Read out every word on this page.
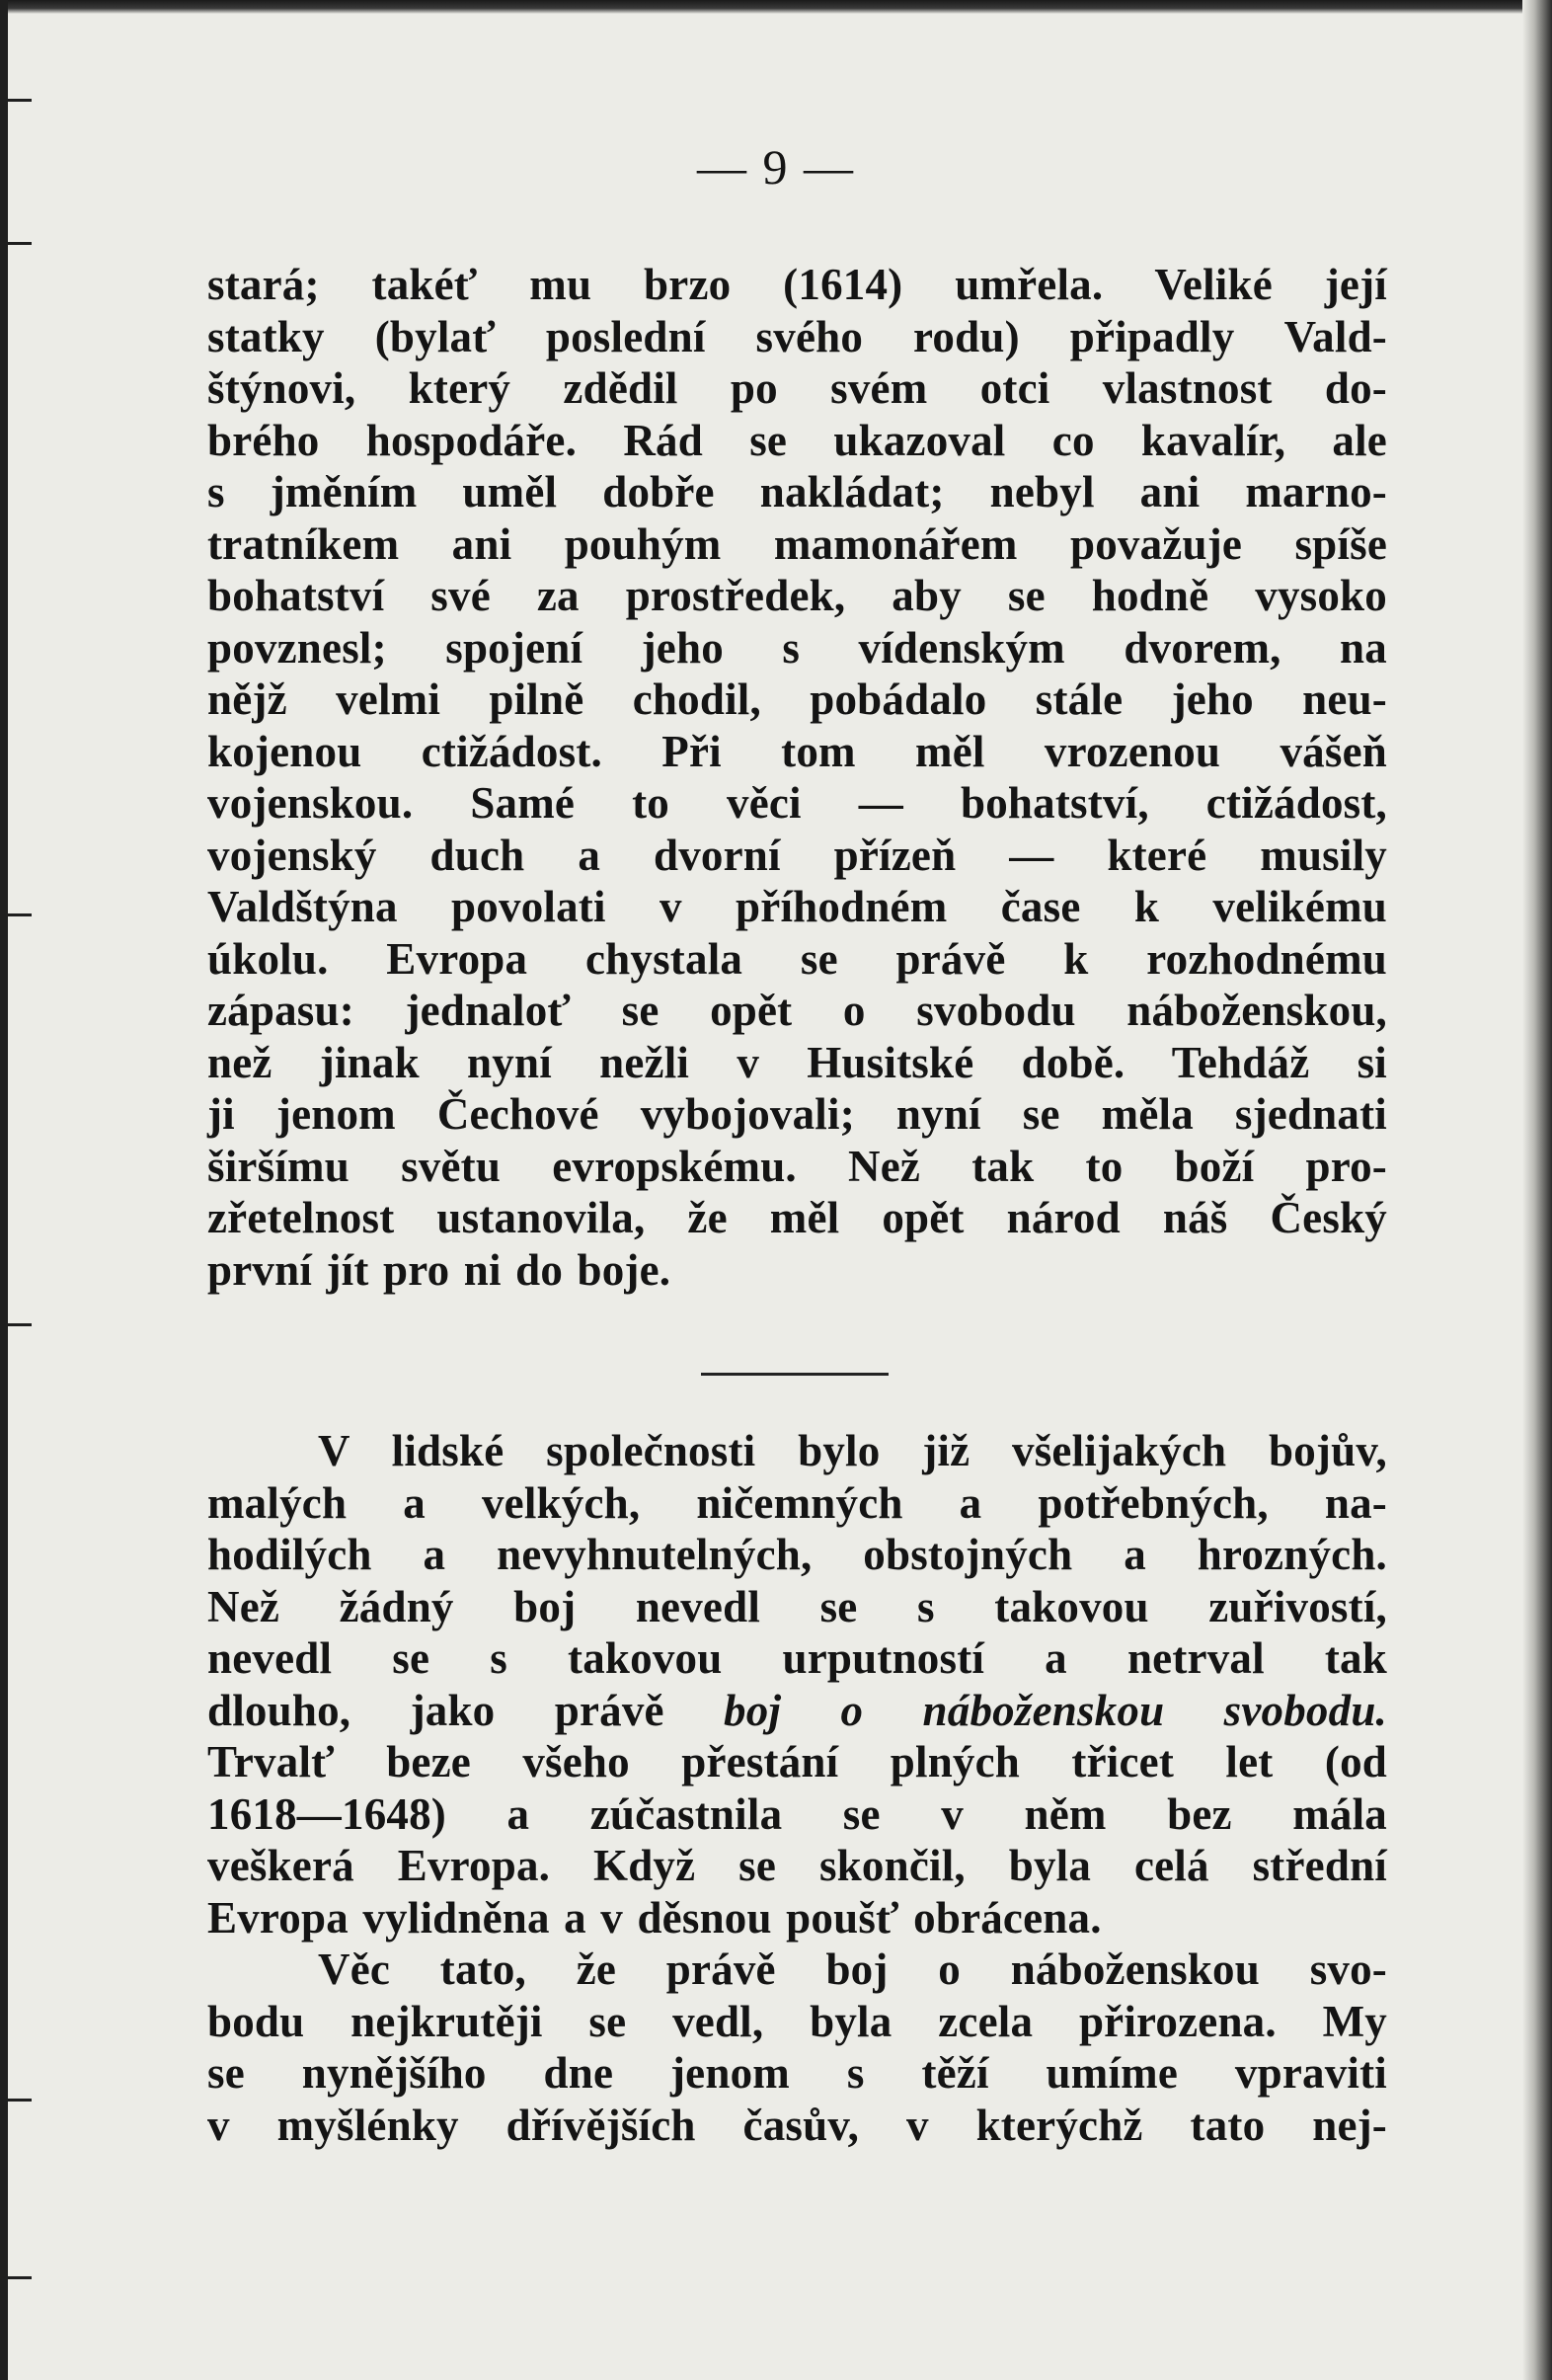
— 9 —
stará; takéť mu brzo (1614) umřela. Veliké její
statky (bylať poslední svého rodu) připadly Vald-
štýnovi, který zdědil po svém otci vlastnost do-
brého hospodáře. Rád se ukazoval co kavalír, ale
s jměním uměl dobře nakládat; nebyl ani marno-
tratníkem ani pouhým mamonářem považuje spíše
bohatství své za prostředek, aby se hodně vysoko
povznesl; spojení jeho s vídenským dvorem, na
nějž velmi pilně chodil, pobádalo stále jeho neu-
kojenou ctižádost. Při tom měl vrozenou vášeň
vojenskou. Samé to věci — bohatství, ctižádost,
vojenský duch a dvorní přízeň — které musily
Valdštýna povolati v příhodném čase k velikému
úkolu. Evropa chystala se právě k rozhodnému
zápasu: jednaloť se opět o svobodu náboženskou,
než jinak nyní nežli v Husitské době. Tehdáž si
ji jenom Čechové vybojovali; nyní se měla sjednati
širšímu světu evropskému. Než tak to boží pro-
zřetelnost ustanovila, že měl opět národ náš Český
první jít pro ni do boje.
V lidské společnosti bylo již všelijakých bojův,
malých a velkých, ničemných a potřebných, na-
hodilých a nevyhnutelných, obstojných a hrozných.
Než žádný boj nevedl se s takovou zuřivostí,
nevedl se s takovou urputností a netrval tak
dlouho, jako právě boj o náboženskou svobodu.
Trvalť beze všeho přestání plných třicet let (od
1618—1648) a zúčastnila se v něm bez mála
veškerá Evropa. Když se skončil, byla celá střední
Evropa vylidněna a v děsnou poušť obrácena.
Věc tato, že právě boj o náboženskou svo-
bodu nejkrutěji se vedl, byla zcela přirozena. My
se nynějšího dne jenom s těží umíme vpraviti
v myšlénky dřívějších časův, v kterýchž tato nej-
